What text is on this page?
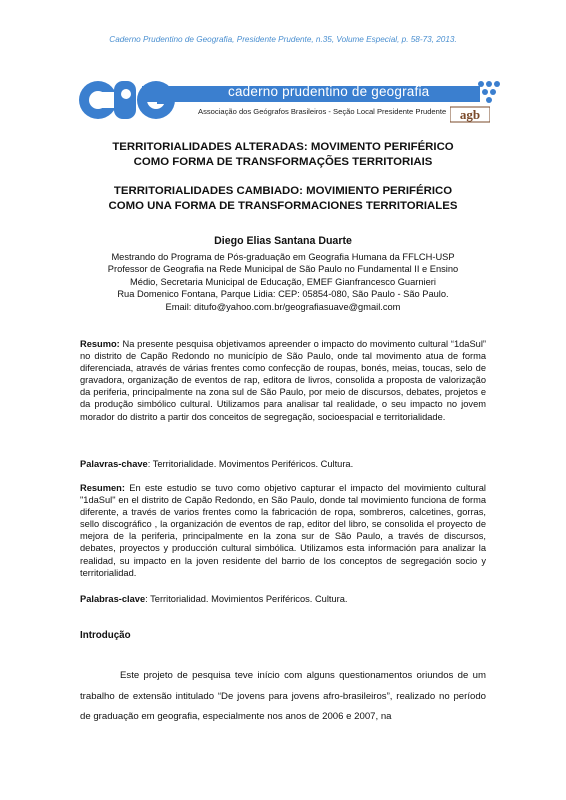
Caderno Prudentino de Geografia, Presidente Prudente, n.35, Volume Especial, p. 58-73, 2013.
caderno prudentino de geografia
Associação dos Geógrafos Brasileiros - Seção Local Presidente Prudente agb
TERRITORIALIDADES ALTERADAS: MOVIMENTO PERIFÉRICO
COMO FORMA DE TRANSFORMAÇÕES TERRITORIAIS
TERRITORIALIDADES CAMBIADO: MOVIMIENTO PERIFÉRICO
COMO UNA FORMA DE TRANSFORMACIONES TERRITORIALES
Diego Elias Santana Duarte
Mestrando do Programa de Pós-graduação em Geografia Humana da FFLCH-USP
Professor de Geografia na Rede Municipal de São Paulo no Fundamental II e Ensino
Médio, Secretaria Municipal de Educação, EMEF Gianfrancesco Guarnieri
Rua Domenico Fontana, Parque Lidia: CEP: 05854-080, São Paulo - São Paulo.
Email: ditufo@yahoo.com.br/geografiasuave@gmail.com
Resumo: Na presente pesquisa objetivamos apreender o impacto do movimento cultural “1daSul” no distrito de Capão Redondo no município de São Paulo, onde tal movimento atua de forma diferenciada, através de várias frentes como confecção de roupas, bonés, meias, toucas, selo de gravadora, organização de eventos de rap, editora de livros, consolida a proposta de valorização da periferia, principalmente na zona sul de São Paulo, por meio de discursos, debates, projetos e da produção simbólico cultural. Utilizamos para analisar tal realidade, o seu impacto no jovem morador do distrito a partir dos conceitos de segregação, socioespacial e territorialidade.
Palavras-chave: Territorialidade. Movimentos Periféricos. Cultura.
Resumen: En este estudio se tuvo como objetivo capturar el impacto del movimiento cultural "1daSul" en el distrito de Capão Redondo, en São Paulo, donde tal movimiento funciona de forma diferente, a través de varios frentes como la fabricación de ropa, sombreros, calcetines, gorras, sello discográfico , la organización de eventos de rap, editor del libro, se consolida el proyecto de mejora de la periferia, principalmente en la zona sur de São Paulo, a través de discursos, debates, proyectos y producción cultural simbólica. Utilizamos esta información para analizar la realidad, su impacto en la joven residente del barrio de los conceptos de segregación socio y territorialidad.
Palabras-clave: Territorialidad. Movimientos Periféricos. Cultura.
Introdução
Este projeto de pesquisa teve início com alguns questionamentos oriundos de um trabalho de extensão intitulado “De jovens para jovens afro-brasileiros”, realizado no período de graduação em geografia, especialmente nos anos de 2006 e 2007, na
